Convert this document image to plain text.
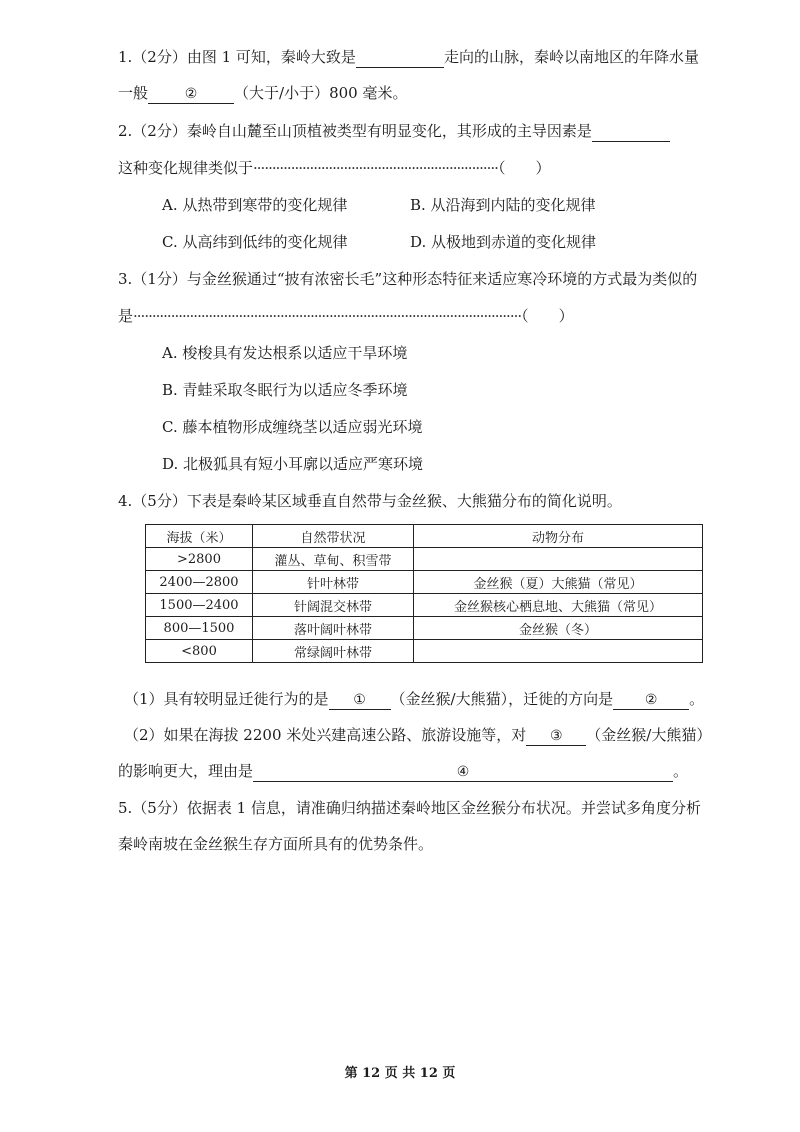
1.（2分）由图 1 可知，秦岭大致是	走向的山脉，秦岭以南地区的年降水量
一般	② （大于/小于）800 毫米。
2.（2分）秦岭自山麓至山顶植被类型有明显变化，其形成的主导因素是
这种变化规律类似于·································································（　　）
A. 从热带到寒带的变化规律	B. 从沿海到内陆的变化规律
C. 从高纬到低纬的变化规律	D. 从极地到赤道的变化规律
3.（1分）与金丝猴通过“披有浓密长毛”这种形态特征来适应寒冷环境的方式最为类似的
是·······································································································（　　）
A. 梭梭具有发达根系以适应干旱环境
B. 青蛙采取冬眠行为以适应冬季环境
C. 藤本植物形成缠绕茎以适应弱光环境
D. 北极狐具有短小耳廓以适应严寒环境
4.（5分）下表是秦岭某区域垂直自然带与金丝猴、大熊猫分布的简化说明。
海拔（米）	自然带状况	动物分布
>2800	灌丛、草甸、积雪带	
2400—2800	针叶林带	金丝猴（夏）大熊猫（常见）
1500—2400	针阔混交林带	金丝猴核心栖息地、大熊猫（常见）
800—1500	落叶阔叶林带	金丝猴（冬）
<800	常绿阔叶林带	
（1）具有较明显迁徙行为的是 ① （金丝猴/大熊猫），迁徙的方向是 ② 。
（2）如果在海拔 2200 米处兴建高速公路、旅游设施等，对 ③ （金丝猴/大熊猫）
的影响更大，理由是	④	。
5.（5分）依据表 1 信息，请准确归纳描述秦岭地区金丝猴分布状况。并尝试多角度分析
秦岭南坡在金丝猴生存方面所具有的优势条件。
第 12 页 共 12 页
